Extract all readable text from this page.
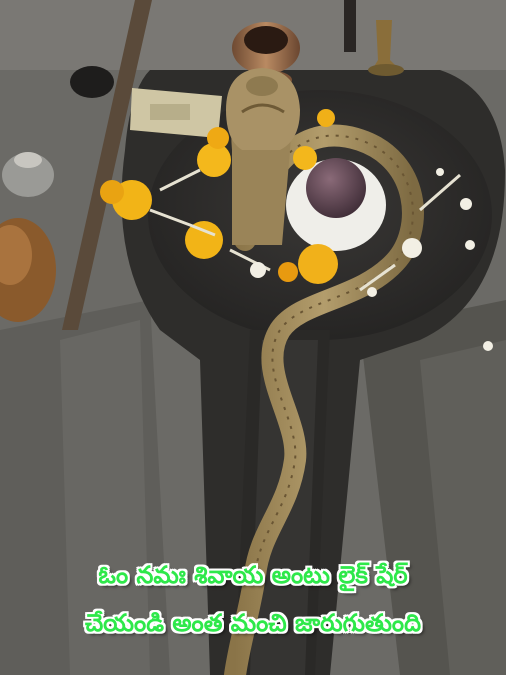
ఓం నమః శివాయ అంటు లైక్ షేర్
చేయండి అంత మంచి జారుగుతుంది
